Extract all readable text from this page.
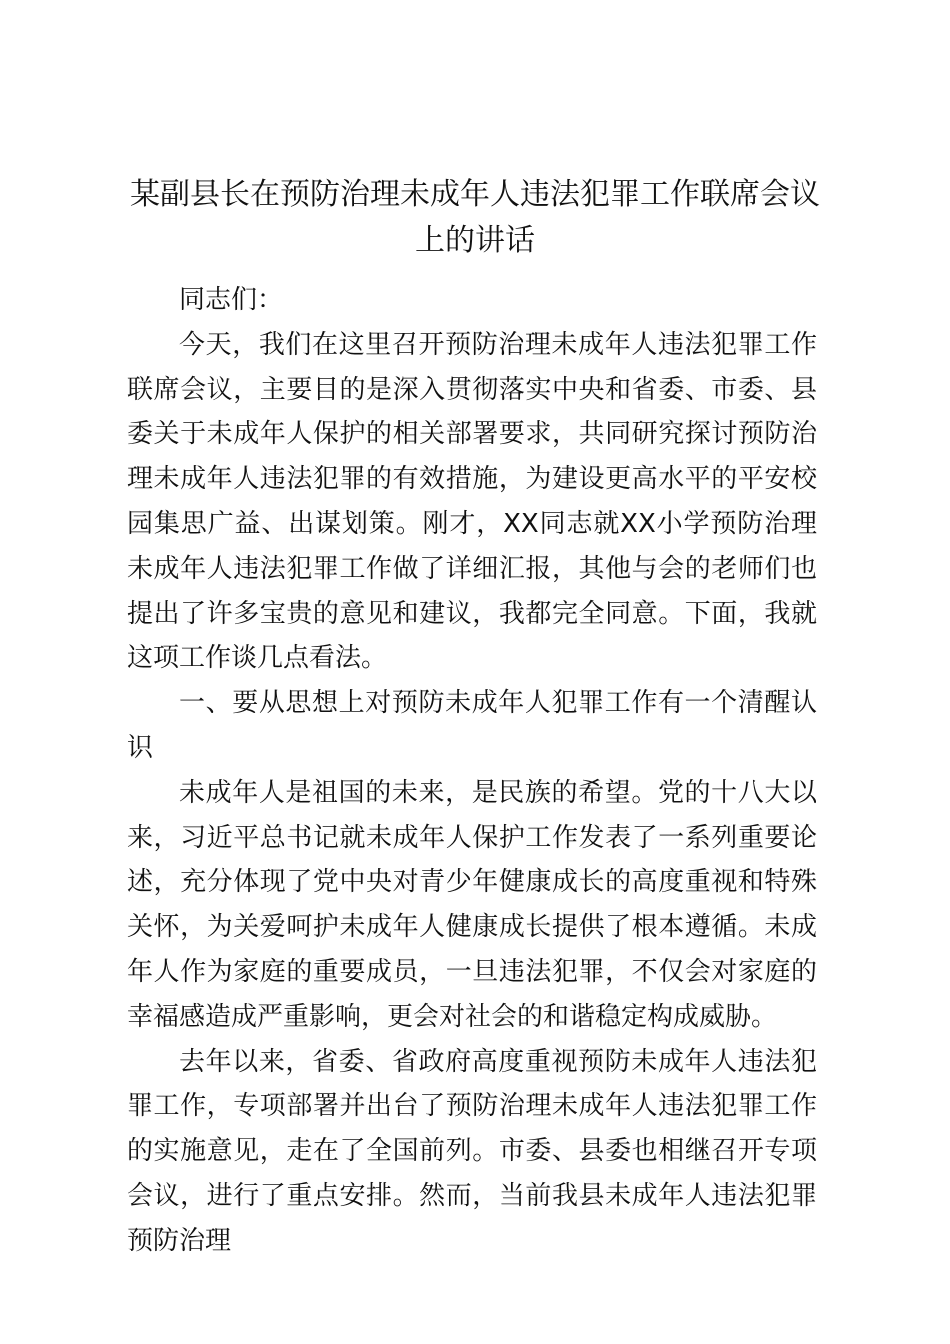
某副县长在预防治理未成年人违法犯罪工作联席会议上的讲话

同志们：

今天，我们在这里召开预防治理未成年人违法犯罪工作联席会议，主要目的是深入贯彻落实中央和省委、市委、县委关于未成年人保护的相关部署要求，共同研究探讨预防治理未成年人违法犯罪的有效措施，为建设更高水平的平安校园集思广益、出谋划策。刚才，XX同志就XX小学预防治理未成年人违法犯罪工作做了详细汇报，其他与会的老师们也提出了许多宝贵的意见和建议，我都完全同意。下面，我就这项工作谈几点看法。

一、要从思想上对预防未成年人犯罪工作有一个清醒认识

未成年人是祖国的未来，是民族的希望。党的十八大以来，习近平总书记就未成年人保护工作发表了一系列重要论述，充分体现了党中央对青少年健康成长的高度重视和特殊关怀，为关爱呵护未成年人健康成长提供了根本遵循。未成年人作为家庭的重要成员，一旦违法犯罪，不仅会对家庭的幸福感造成严重影响，更会对社会的和谐稳定构成威胁。

去年以来，省委、省政府高度重视预防未成年人违法犯罪工作，专项部署并出台了预防治理未成年人违法犯罪工作的实施意见，走在了全国前列。市委、县委也相继召开专项会议，进行了重点安排。然而，当前我县未成年人违法犯罪预防治理
